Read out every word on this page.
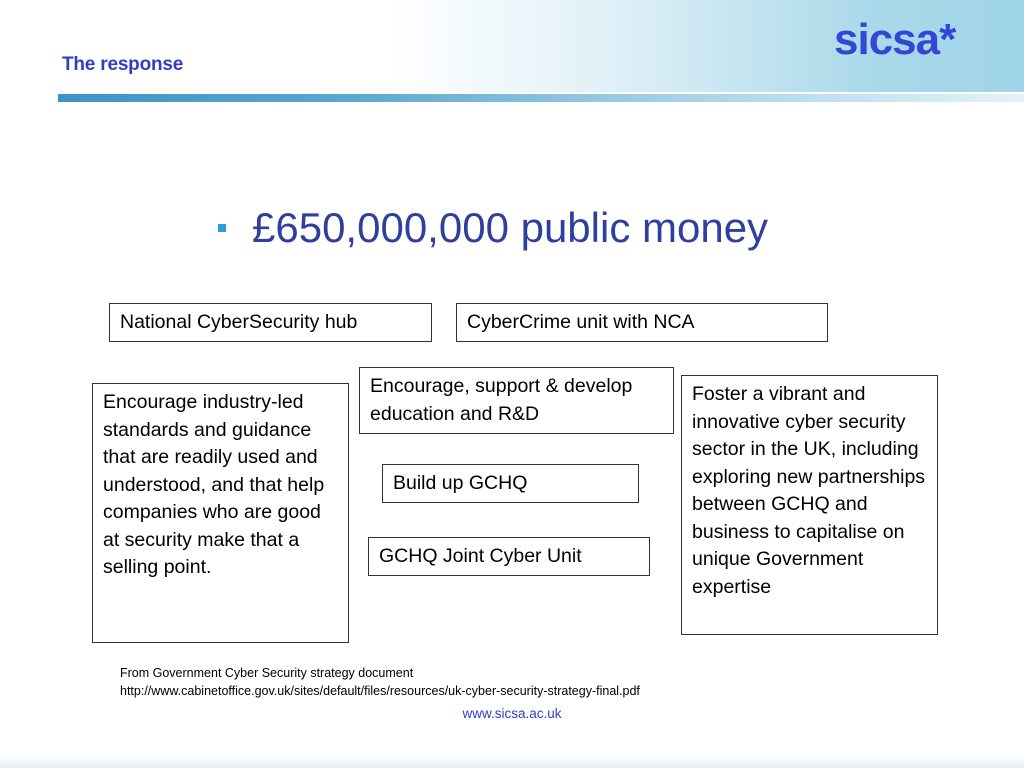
The response
sicsa*
£650,000,000 public money
National CyberSecurity hub	CyberCrime unit with NCA
Encourage, support & develop education and R&D
Encourage industry-led standards and guidance that are readily used and understood, and that help companies who are good at security make that a selling point.
Build up GCHQ
GCHQ Joint Cyber Unit
Foster a vibrant and innovative cyber security sector in the UK, including exploring new partnerships between GCHQ and business to capitalise on unique Government expertise
From Government Cyber Security strategy document
http://www.cabinetoffice.gov.uk/sites/default/files/resources/uk-cyber-security-strategy-final.pdf
www.sicsa.ac.uk
